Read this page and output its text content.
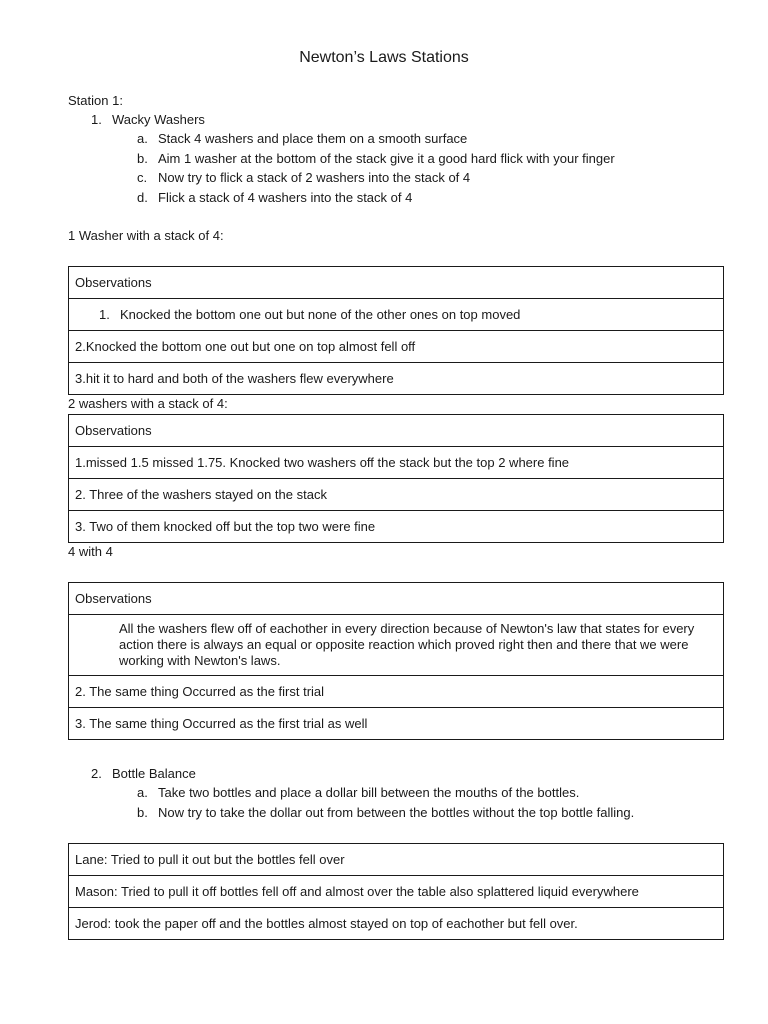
Newton’s Laws Stations
Station 1:
1. Wacky Washers
a. Stack 4 washers and place them on a smooth surface
b. Aim 1 washer at the bottom of the stack give it a good hard flick with your finger
c. Now try to flick a stack of 2 washers into the stack of 4
d. Flick a stack of 4 washers into the stack of 4
1 Washer with a stack of 4:
Observations
1. Knocked the bottom one out but none of the other ones on top moved
2.Knocked the bottom one out but one on top almost fell off
3.hit it to hard and both of the washers flew everywhere
2 washers with a stack of 4:
Observations
1.missed 1.5 missed 1.75. Knocked two washers off the stack but the top 2 where fine
2. Three of the washers stayed on the stack
3. Two of them knocked off but the top two were fine
4 with 4
Observations
All the washers flew off of eachother in every direction because of Newton's law that states for every action there is always an equal or opposite reaction which proved right then and there that we were working with Newton's laws.
2. The same thing Occurred as the first trial
3. The same thing Occurred as the first trial as well
2. Bottle Balance
a. Take two bottles and place a dollar bill between the mouths of the bottles.
b. Now try to take the dollar out from between the bottles without the top bottle falling.
Lane: Tried to pull it out but the bottles fell over
Mason: Tried to pull it off bottles fell off and almost over the table also splattered liquid everywhere
Jerod: took the paper off and the bottles almost stayed on top of eachother but fell over.
